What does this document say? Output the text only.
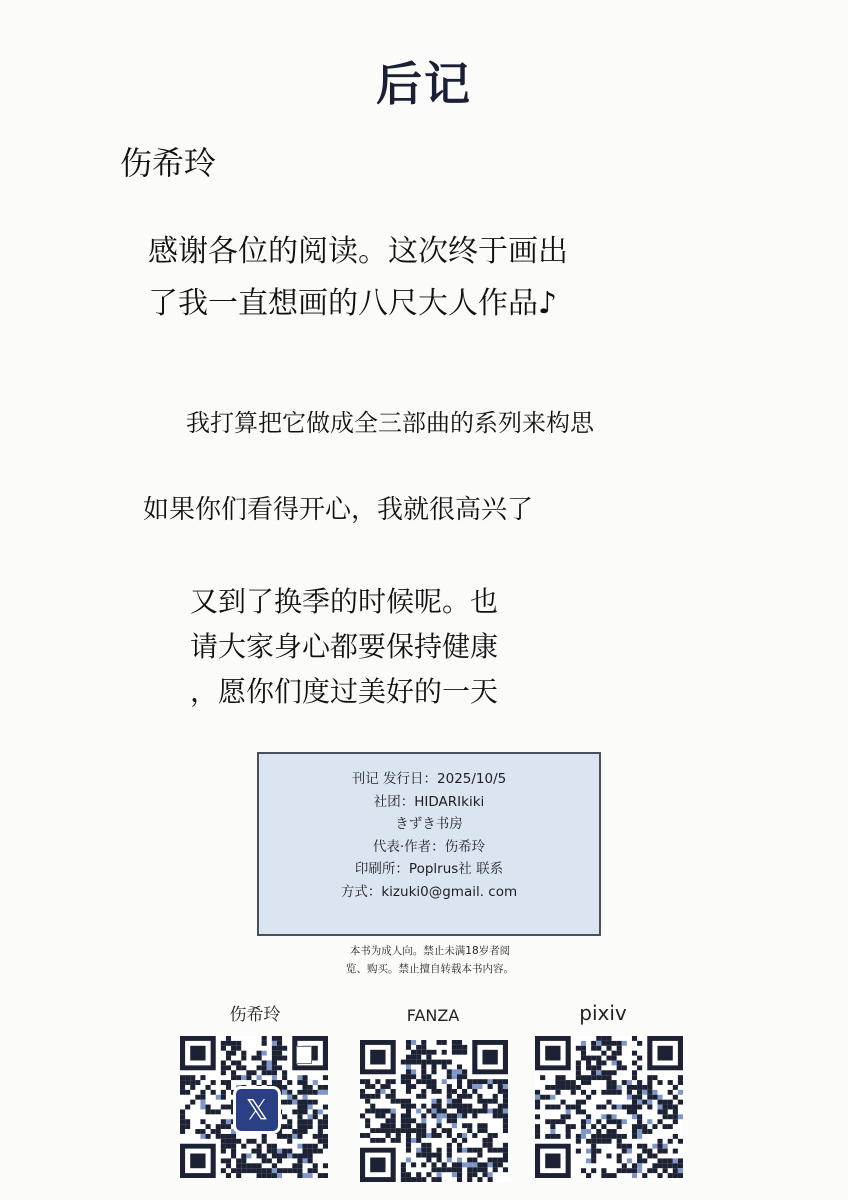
后记
伤希玲
感谢各位的阅读。这次终于画出
了我一直想画的八尺大人作品♪
我打算把它做成全三部曲的系列来构思
如果你们看得开心，我就很高兴了
又到了换季的时候呢。也
请大家身心都要保持健康
，愿你们度过美好的一天
刊记 发行日：2025/10/5
社团：HIDARIkiki
きずき书房
代表·作者：伤希玲
印刷所：Poplrus社 联系
方式：kizuki0@gmail. com
本书为成人向。禁止未满18岁者阅
览、购买。禁止擅自转载本书内容。
伤希玲	FANZA	pixiv
𝕏
